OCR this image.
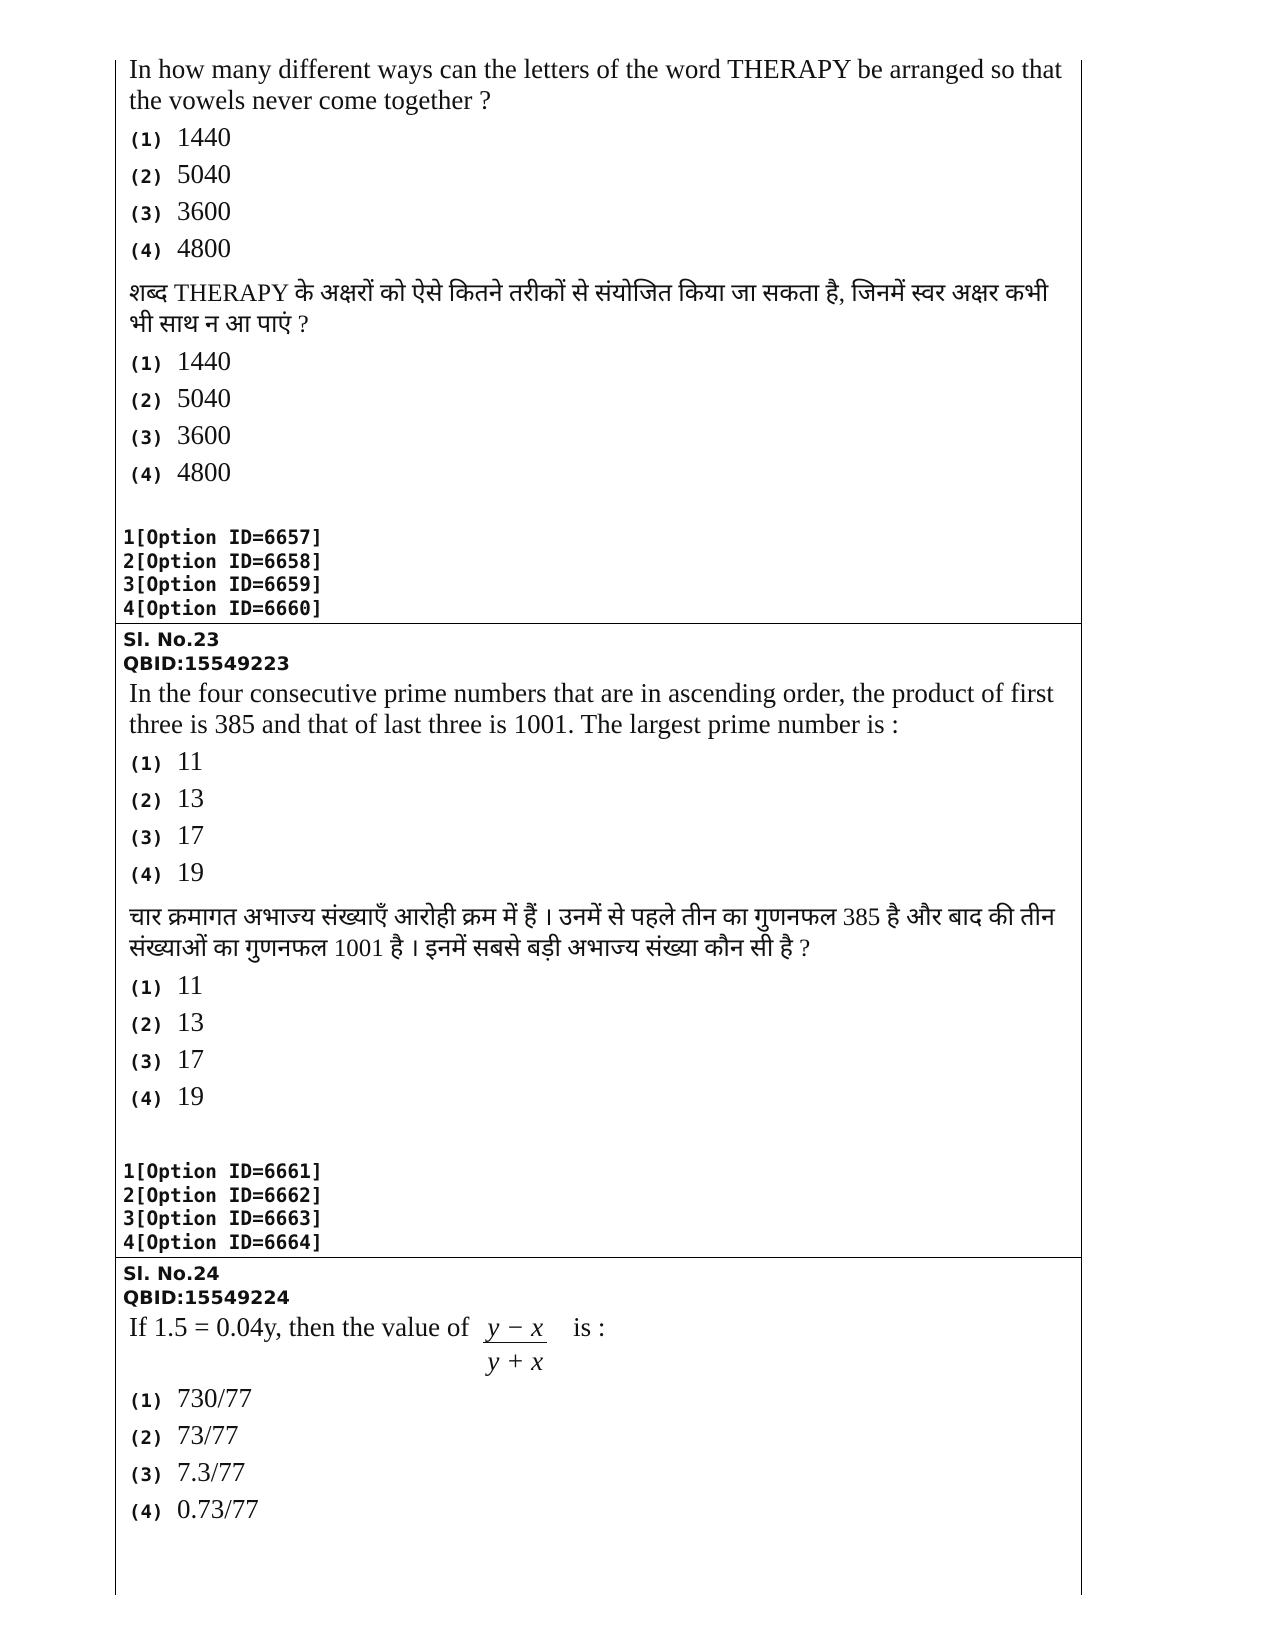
In how many different ways can the letters of the word THERAPY be arranged so that the vowels never come together ?

(1) 1440
(2) 5040
(3) 3600
(4) 4800

शब्द THERAPY के अक्षरों को ऐसे कितने तरीकों से संयोजित किया जा सकता है, जिनमें स्वर अक्षर कभी भी साथ न आ पाएं ?

(1) 1440
(2) 5040
(3) 3600
(4) 4800
1[Option ID=6657]
2[Option ID=6658]
3[Option ID=6659]
4[Option ID=6660]
Sl. No.23
QBID:15549223

In the four consecutive prime numbers that are in ascending order, the product of first three is 385 and that of last three is 1001. The largest prime number is :

(1) 11
(2) 13
(3) 17
(4) 19

चार क्रमागत अभाज्य संख्याएँ आरोही क्रम में हैं । उनमें से पहले तीन का गुणनफल 385 है और बाद की तीन संख्याओं का गुणनफल 1001 है । इनमें सबसे बड़ी अभाज्य संख्या कौन सी है ?

(1) 11
(2) 13
(3) 17
(4) 19
1[Option ID=6661]
2[Option ID=6662]
3[Option ID=6663]
4[Option ID=6664]
Sl. No.24
QBID:15549224
If 1.5 = 0.04y, then the value of $\frac{y - x}{y + x}$ is :
(1) 730/77
(2) 73/77
(3) 7.3/77
(4) 0.73/77
